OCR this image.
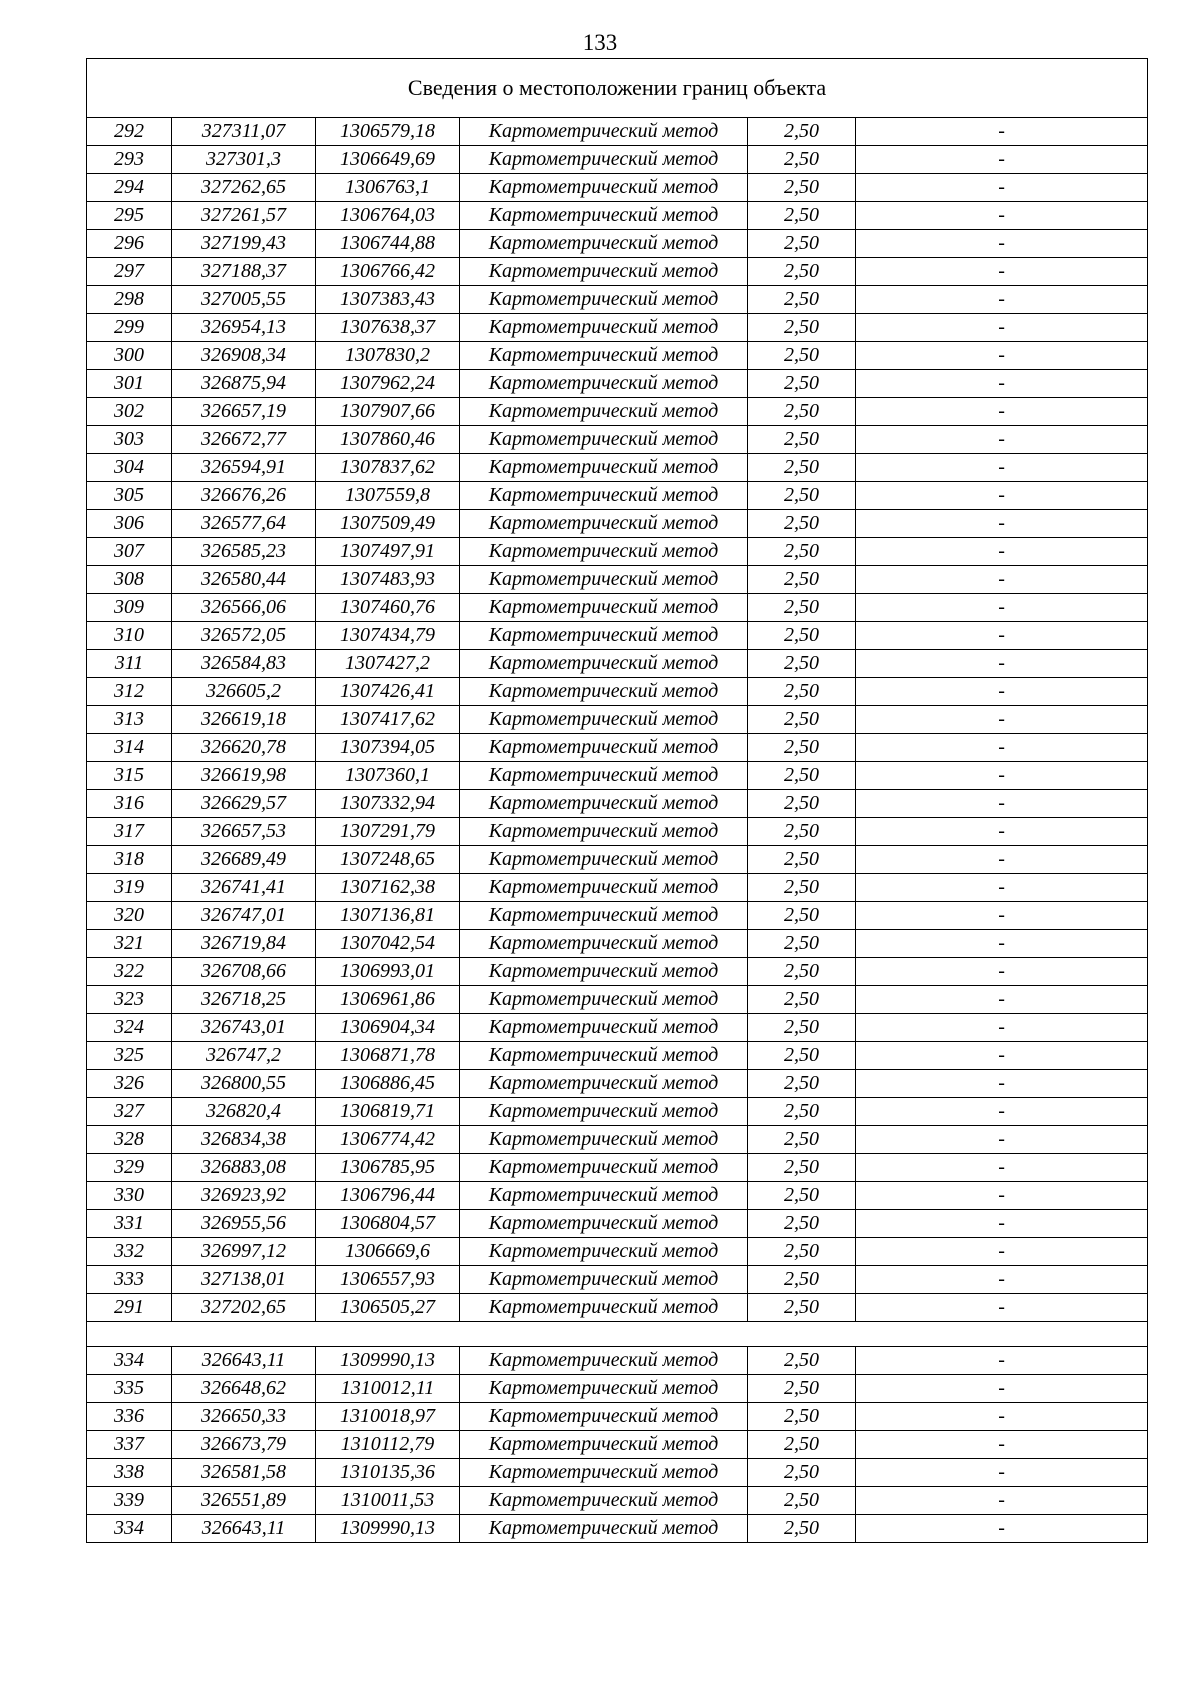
133
Сведения о местоположении границ объекта					
292	327311,07	1306579,18	Картометрический метод	2,50	-
293	327301,3	1306649,69	Картометрический метод	2,50	-
294	327262,65	1306763,1	Картометрический метод	2,50	-
295	327261,57	1306764,03	Картометрический метод	2,50	-
296	327199,43	1306744,88	Картометрический метод	2,50	-
297	327188,37	1306766,42	Картометрический метод	2,50	-
298	327005,55	1307383,43	Картометрический метод	2,50	-
299	326954,13	1307638,37	Картометрический метод	2,50	-
300	326908,34	1307830,2	Картометрический метод	2,50	-
301	326875,94	1307962,24	Картометрический метод	2,50	-
302	326657,19	1307907,66	Картометрический метод	2,50	-
303	326672,77	1307860,46	Картометрический метод	2,50	-
304	326594,91	1307837,62	Картометрический метод	2,50	-
305	326676,26	1307559,8	Картометрический метод	2,50	-
306	326577,64	1307509,49	Картометрический метод	2,50	-
307	326585,23	1307497,91	Картометрический метод	2,50	-
308	326580,44	1307483,93	Картометрический метод	2,50	-
309	326566,06	1307460,76	Картометрический метод	2,50	-
310	326572,05	1307434,79	Картометрический метод	2,50	-
311	326584,83	1307427,2	Картометрический метод	2,50	-
312	326605,2	1307426,41	Картометрический метод	2,50	-
313	326619,18	1307417,62	Картометрический метод	2,50	-
314	326620,78	1307394,05	Картометрический метод	2,50	-
315	326619,98	1307360,1	Картометрический метод	2,50	-
316	326629,57	1307332,94	Картометрический метод	2,50	-
317	326657,53	1307291,79	Картометрический метод	2,50	-
318	326689,49	1307248,65	Картометрический метод	2,50	-
319	326741,41	1307162,38	Картометрический метод	2,50	-
320	326747,01	1307136,81	Картометрический метод	2,50	-
321	326719,84	1307042,54	Картометрический метод	2,50	-
322	326708,66	1306993,01	Картометрический метод	2,50	-
323	326718,25	1306961,86	Картометрический метод	2,50	-
324	326743,01	1306904,34	Картометрический метод	2,50	-
325	326747,2	1306871,78	Картометрический метод	2,50	-
326	326800,55	1306886,45	Картометрический метод	2,50	-
327	326820,4	1306819,71	Картометрический метод	2,50	-
328	326834,38	1306774,42	Картометрический метод	2,50	-
329	326883,08	1306785,95	Картометрический метод	2,50	-
330	326923,92	1306796,44	Картометрический метод	2,50	-
331	326955,56	1306804,57	Картометрический метод	2,50	-
332	326997,12	1306669,6	Картометрический метод	2,50	-
333	327138,01	1306557,93	Картометрический метод	2,50	-
291	327202,65	1306505,27	Картометрический метод	2,50	-

334	326643,11	1309990,13	Картометрический метод	2,50	-
335	326648,62	1310012,11	Картометрический метод	2,50	-
336	326650,33	1310018,97	Картометрический метод	2,50	-
337	326673,79	1310112,79	Картометрический метод	2,50	-
338	326581,58	1310135,36	Картометрический метод	2,50	-
339	326551,89	1310011,53	Картометрический метод	2,50	-
334	326643,11	1309990,13	Картометрический метод	2,50	-
